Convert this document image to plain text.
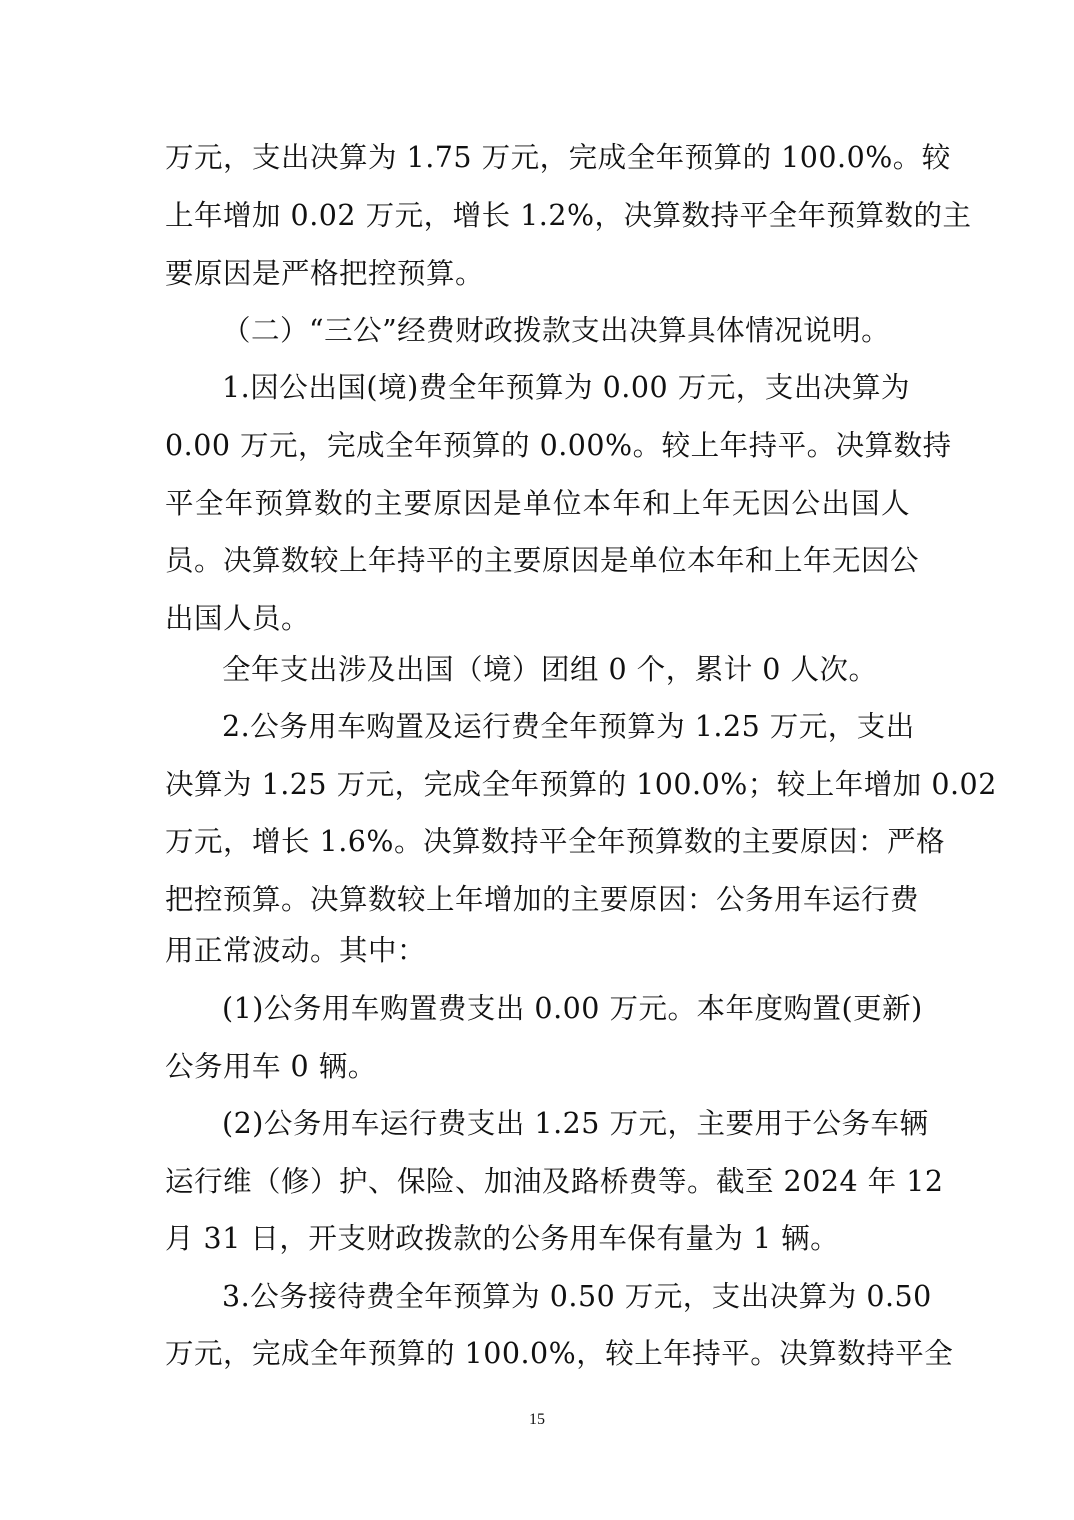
万元，支出决算为 1.75 万元，完成全年预算的 100.0%。较
上年增加 0.02 万元，增长 1.2%，决算数持平全年预算数的主
要原因是严格把控预算。
（二）“三公”经费财政拨款支出决算具体情况说明。
1.因公出国(境)费全年预算为 0.00 万元，支出决算为
0.00 万元，完成全年预算的 0.00%。较上年持平。决算数持
平全年预算数的主要原因是单位本年和上年无因公出国人
员。决算数较上年持平的主要原因是单位本年和上年无因公
出国人员。
全年支出涉及出国（境）团组 0 个，累计 0 人次。
2.公务用车购置及运行费全年预算为 1.25 万元，支出
决算为 1.25 万元，完成全年预算的 100.0%；较上年增加 0.02
万元，增长 1.6%。决算数持平全年预算数的主要原因：严格
把控预算。决算数较上年增加的主要原因：公务用车运行费
用正常波动。其中：
(1)公务用车购置费支出 0.00 万元。本年度购置(更新)
公务用车 0 辆。
(2)公务用车运行费支出 1.25 万元，主要用于公务车辆
运行维（修）护、保险、加油及路桥费等。截至 2024 年 12
月 31 日，开支财政拨款的公务用车保有量为 1 辆。
3.公务接待费全年预算为 0.50 万元，支出决算为 0.50
万元，完成全年预算的 100.0%，较上年持平。决算数持平全
15
